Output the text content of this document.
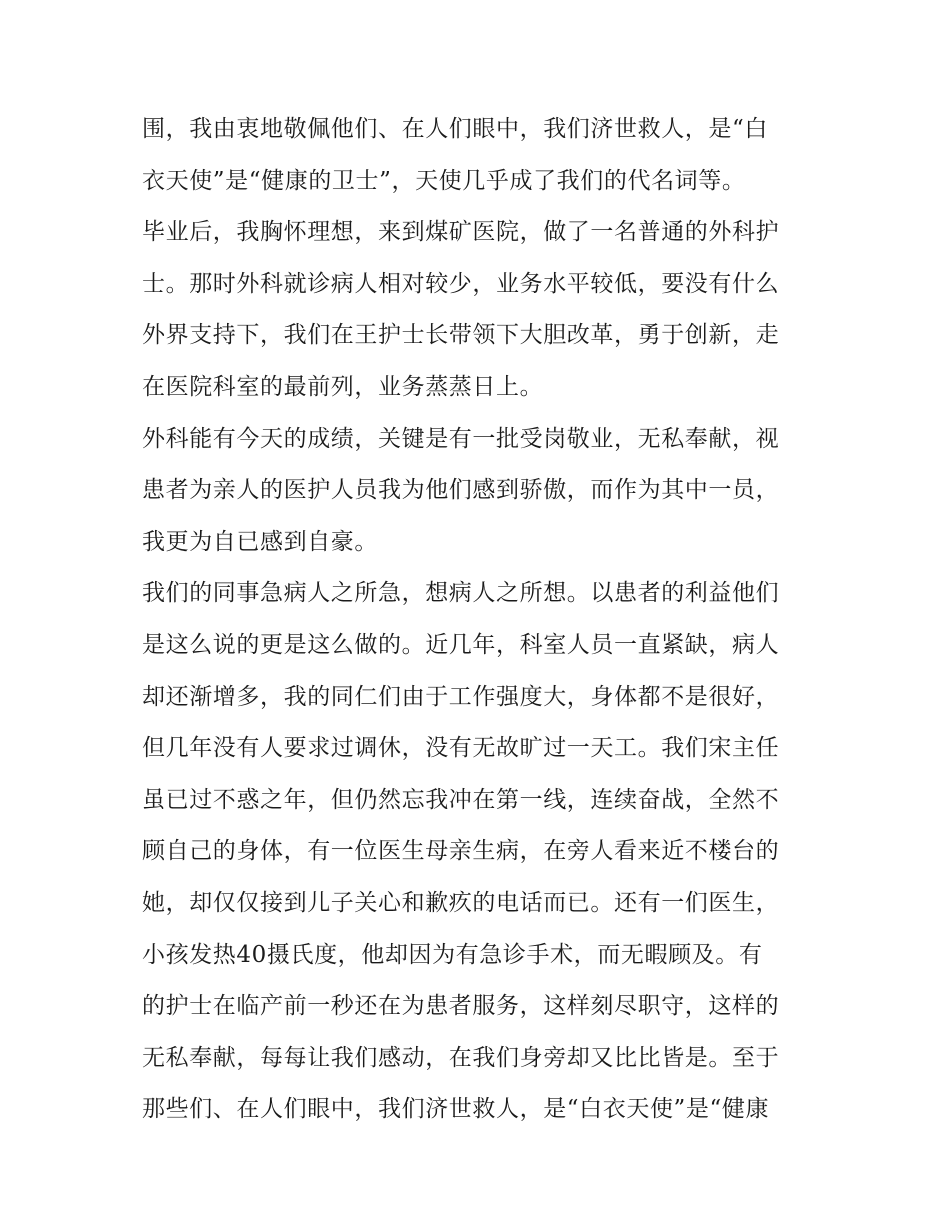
围，我由衷地敬佩他们、在人们眼中，我们济世救人，是“白
衣天使”是“健康的卫士”，天使几乎成了我们的代名词等。
毕业后，我胸怀理想，来到煤矿医院，做了一名普通的外科护
士。那时外科就诊病人相对较少，业务水平较低，要没有什么
外界支持下，我们在王护士长带领下大胆改革，勇于创新，走
在医院科室的最前列，业务蒸蒸日上。
外科能有今天的成绩，关键是有一批受岗敬业，无私奉献，视
患者为亲人的医护人员我为他们感到骄傲，而作为其中一员，
我更为自已感到自豪。
我们的同事急病人之所急，想病人之所想。以患者的利益他们
是这么说的更是这么做的。近几年，科室人员一直紧缺，病人
却还渐增多，我的同仁们由于工作强度大，身体都不是很好，
但几年没有人要求过调休，没有无故旷过一天工。我们宋主任
虽已过不惑之年，但仍然忘我冲在第一线，连续奋战，全然不
顾自己的身体，有一位医生母亲生病，在旁人看来近不楼台的
她，却仅仅接到儿子关心和歉疚的电话而已。还有一们医生，
小孩发热40摄氏度，他却因为有急诊手术，而无暇顾及。有
的护士在临产前一秒还在为患者服务，这样刻尽职守，这样的
无私奉献，每每让我们感动，在我们身旁却又比比皆是。至于
那些们、在人们眼中，我们济世救人，是“白衣天使”是“健康
